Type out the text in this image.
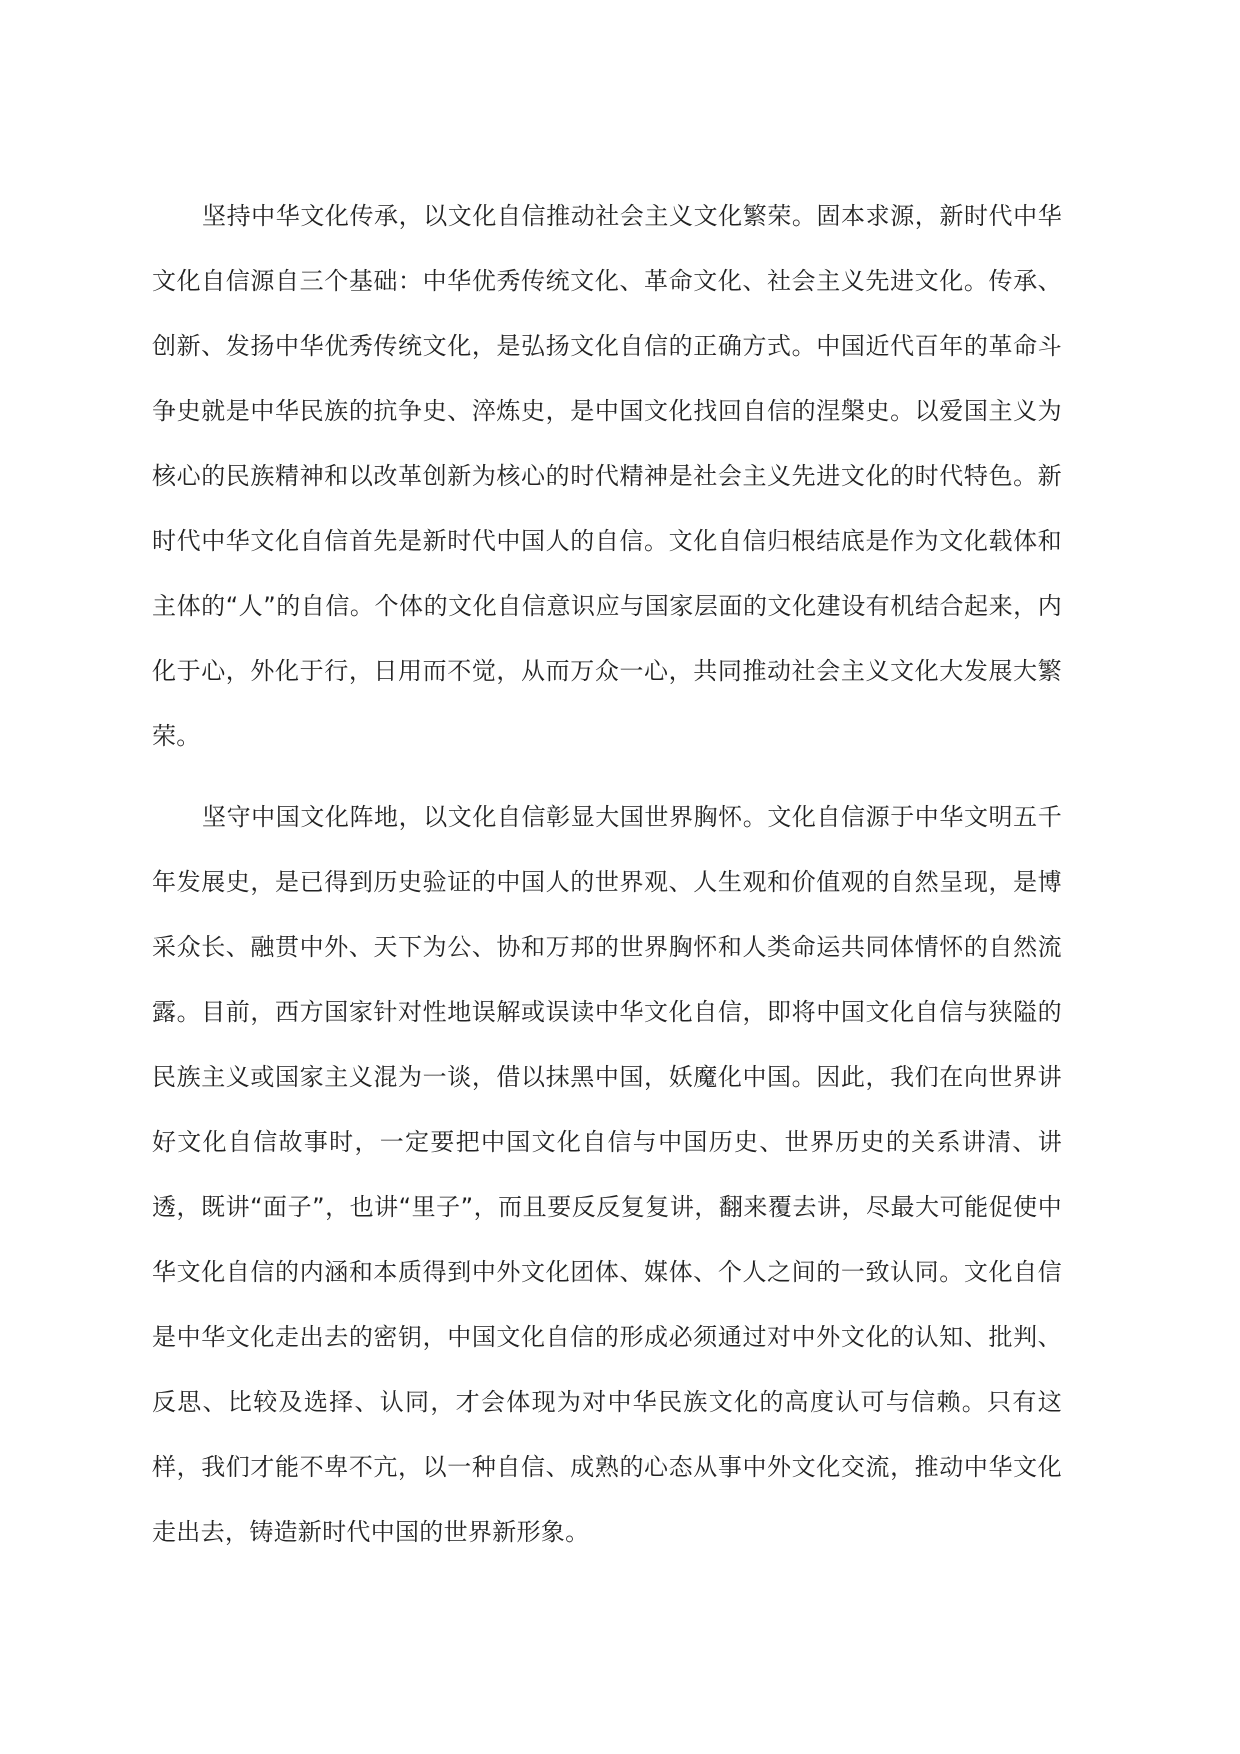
坚持中华文化传承，以文化自信推动社会主义文化繁荣。固本求源，新时代中华文化自信源自三个基础：中华优秀传统文化、革命文化、社会主义先进文化。传承、创新、发扬中华优秀传统文化，是弘扬文化自信的正确方式。中国近代百年的革命斗争史就是中华民族的抗争史、淬炼史，是中国文化找回自信的涅槃史。以爱国主义为核心的民族精神和以改革创新为核心的时代精神是社会主义先进文化的时代特色。新时代中华文化自信首先是新时代中国人的自信。文化自信归根结底是作为文化载体和主体的“人”的自信。个体的文化自信意识应与国家层面的文化建设有机结合起来，内化于心，外化于行，日用而不觉，从而万众一心，共同推动社会主义文化大发展大繁荣。

坚守中国文化阵地，以文化自信彰显大国世界胸怀。文化自信源于中华文明五千年发展史，是已得到历史验证的中国人的世界观、人生观和价值观的自然呈现，是博采众长、融贯中外、天下为公、协和万邦的世界胸怀和人类命运共同体情怀的自然流露。目前，西方国家针对性地误解或误读中华文化自信，即将中国文化自信与狭隘的民族主义或国家主义混为一谈，借以抹黑中国，妖魔化中国。因此，我们在向世界讲好文化自信故事时，一定要把中国文化自信与中国历史、世界历史的关系讲清、讲透，既讲“面子”，也讲“里子”，而且要反反复复讲，翻来覆去讲，尽最大可能促使中华文化自信的内涵和本质得到中外文化团体、媒体、个人之间的一致认同。文化自信是中华文化走出去的密钥，中国文化自信的形成必须通过对中外文化的认知、批判、反思、比较及选择、认同，才会体现为对中华民族文化的高度认可与信赖。只有这样，我们才能不卑不亢，以一种自信、成熟的心态从事中外文化交流，推动中华文化走出去，铸造新时代中国的世界新形象。
